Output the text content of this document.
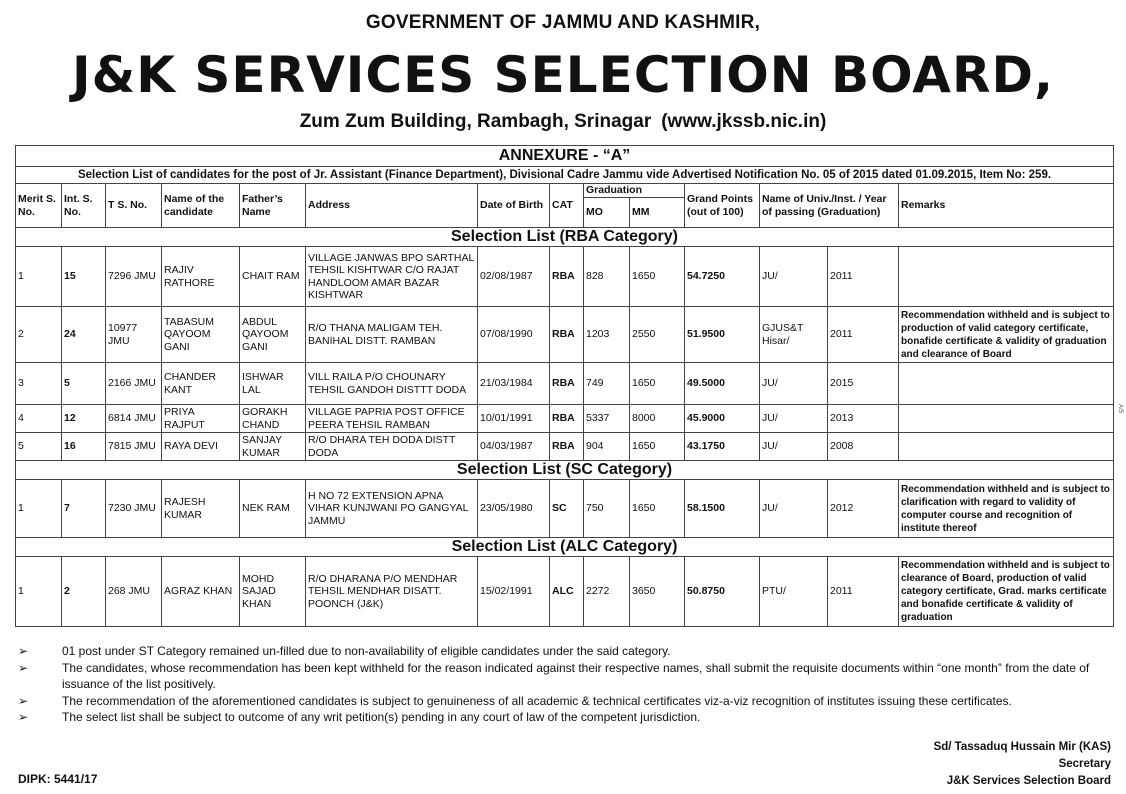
GOVERNMENT OF JAMMU AND KASHMIR,
J&K SERVICES SELECTION BOARD,
Zum Zum Building, Rambagh, Srinagar (www.jkssb.nic.in)
ANNEXURE - “A”													
Selection List of candidates for the post of Jr. Assistant (Finance Department), Divisional Cadre Jammu vide Advertised Notification No. 05 of 2015 dated 01.09.2015, Item No: 259.													
Merit S. No.	Int. S. No.	T S. No.	Name of the candidate	Father’s Name	Address	Date of Birth	CAT	Graduation		Grand Points (out of 100)	Name of Univ./Inst. / Year of passing (Graduation)		Remarks
								MO	MM				
Selection List (RBA Category)													
1	15	7296 JMU	RAJIV RATHORE	CHAIT RAM	VILLAGE JANWAS BPO SARTHAL TEHSIL KISHTWAR C/O RAJAT HANDLOOM AMAR BAZAR KISHTWAR	02/08/1987	RBA	828	1650	54.7250	JU/	2011	
2	24	10977 JMU	TABASUM QAYOOM GANI	ABDUL QAYOOM GANI	R/O THANA MALIGAM TEH. BANIHAL DISTT. RAMBAN	07/08/1990	RBA	1203	2550	51.9500	GJUS&T Hisar/	2011	Recommendation withheld and is subject to production of valid category certificate, bonafide certificate & validity of graduation and clearance of Board
3	5	2166 JMU	CHANDER KANT	ISHWAR LAL	VILL RAILA P/O CHOUNARY TEHSIL GANDOH DISTTT DODA	21/03/1984	RBA	749	1650	49.5000	JU/	2015	
4	12	6814 JMU	PRIYA RAJPUT	GORAKH CHAND	VILLAGE PAPRIA POST OFFICE PEERA TEHSIL RAMBAN	10/01/1991	RBA	5337	8000	45.9000	JU/	2013	
5	16	7815 JMU	RAYA DEVI	SANJAY KUMAR	R/O DHARA TEH DODA DISTT DODA	04/03/1987	RBA	904	1650	43.1750	JU/	2008	
Selection List (SC Category)													
1	7	7230 JMU	RAJESH KUMAR	NEK RAM	H NO 72 EXTENSION APNA VIHAR KUNJWANI PO GANGYAL JAMMU	23/05/1980	SC	750	1650	58.1500	JU/	2012	Recommendation withheld and is subject to clarification with regard to validity of computer course and recognition of institute thereof
Selection List (ALC Category)													
1	2	268 JMU	AGRAZ KHAN	MOHD SAJAD KHAN	R/O DHARANA P/O MENDHAR TEHSIL MENDHAR DISATT. POONCH (J&K)	15/02/1991	ALC	2272	3650	50.8750	PTU/	2011	Recommendation withheld and is subject to clearance of Board, production of valid category certificate, Grad. marks certificate and bonafide certificate & validity of graduation
➢	01 post under ST Category remained un-filled due to non-availability of eligible candidates under the said category.
➢	The candidates, whose recommendation has been kept withheld for the reason indicated against their respective names, shall submit the requisite documents within “one month” from the date of issuance of the list positively.
➢	The recommendation of the aforementioned candidates is subject to genuineness of all academic & technical certificates viz-a-viz recognition of institutes issuing these certificates.
➢	The select list shall be subject to outcome of any writ petition(s) pending in any court of law of the competent jurisdiction.
Sd/ Tassaduq Hussain Mir (KAS)
Secretary
J&K Services Selection Board
DIPK: 5441/17
A/5
